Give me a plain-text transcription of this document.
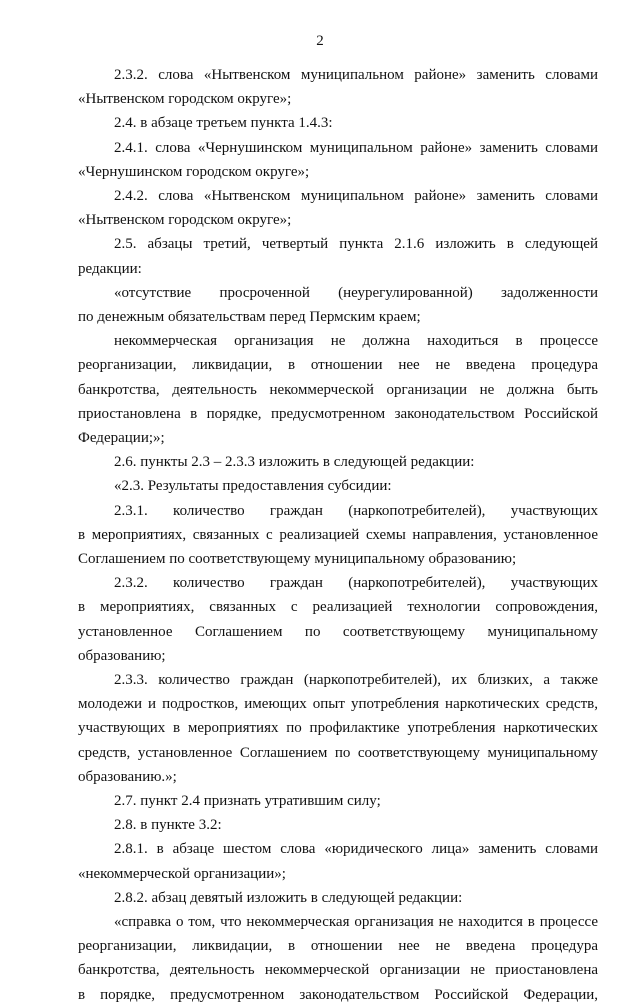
2
2.3.2. слова «Нытвенском муниципальном районе» заменить словами
«Нытвенском городском округе»;
2.4. в абзаце третьем пункта 1.4.3:
2.4.1. слова «Чернушинском муниципальном районе» заменить словами
«Чернушинском городском округе»;
2.4.2. слова «Нытвенском муниципальном районе» заменить словами
«Нытвенском городском округе»;
2.5. абзацы третий, четвертый пункта 2.1.6 изложить в следующей
редакции:
«отсутствие просроченной (неурегулированной) задолженности
по денежным обязательствам перед Пермским краем;
некоммерческая организация не должна находиться в процессе
реорганизации, ликвидации, в отношении нее не введена процедура
банкротства, деятельность некоммерческой организации не должна быть
приостановлена в порядке, предусмотренном законодательством Российской
Федерации;»;
2.6. пункты 2.3 – 2.3.3 изложить в следующей редакции:
«2.3. Результаты предоставления субсидии:
2.3.1. количество граждан (наркопотребителей), участвующих
в мероприятиях, связанных с реализацией схемы направления, установленное
Соглашением по соответствующему муниципальному образованию;
2.3.2. количество граждан (наркопотребителей), участвующих
в мероприятиях, связанных с реализацией технологии сопровождения,
установленное Соглашением по соответствующему муниципальному
образованию;
2.3.3. количество граждан (наркопотребителей), их близких, а также
молодежи и подростков, имеющих опыт употребления наркотических средств,
участвующих в мероприятиях по профилактике употребления наркотических
средств, установленное Соглашением по соответствующему муниципальному
образованию.»;
2.7. пункт 2.4 признать утратившим силу;
2.8. в пункте 3.2:
2.8.1. в абзаце шестом слова «юридического лица» заменить словами
«некоммерческой организации»;
2.8.2. абзац девятый изложить в следующей редакции:
«справка о том, что некоммерческая организация не находится в процессе
реорганизации, ликвидации, в отношении нее не введена процедура
банкротства, деятельность некоммерческой организации не приостановлена
в порядке, предусмотренном законодательством Российской Федерации,
